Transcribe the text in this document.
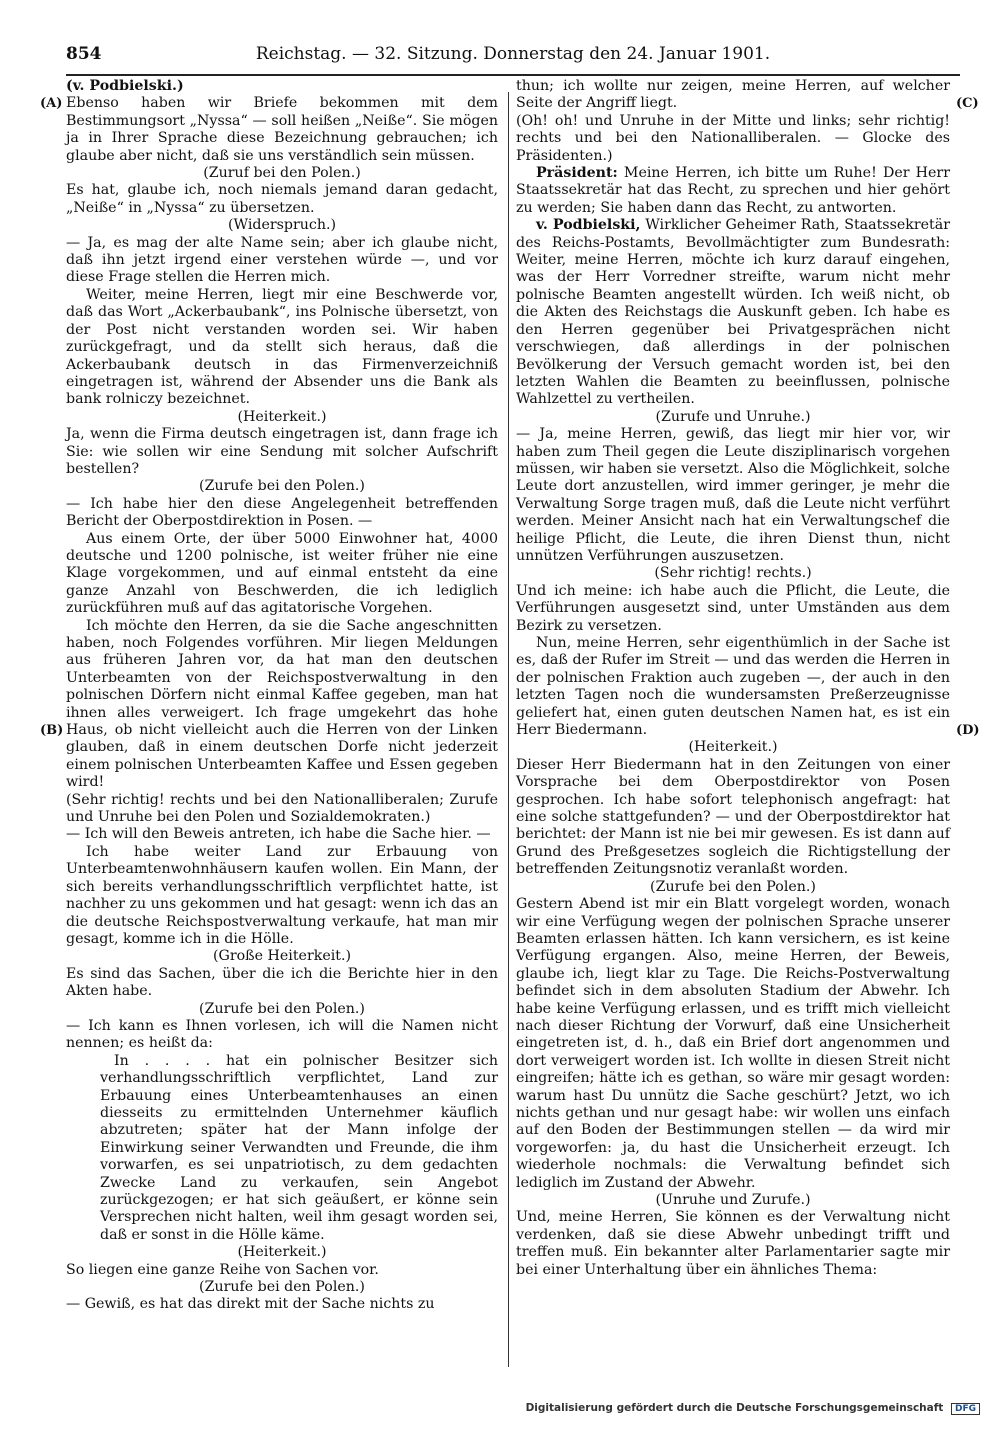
854	Reichstag. — 32. Sitzung. Donnerstag den 24. Januar 1901.
(A)
(B)
(C)
(D)

(v. Podbielski.)

Ebenso haben wir Briefe bekommen mit dem Bestimmungsort „Nyssa“ — soll heißen „Neiße“. Sie mögen ja in Ihrer Sprache diese Bezeichnung gebrauchen; ich glaube aber nicht, daß sie uns verständlich sein müssen.

(Zuruf bei den Polen.)

Es hat, glaube ich, noch niemals jemand daran gedacht, „Neiße“ in „Nyssa“ zu übersetzen.

(Widerspruch.)

— Ja, es mag der alte Name sein; aber ich glaube nicht, daß ihn jetzt irgend einer verstehen würde —, und vor diese Frage stellen die Herren mich.

Weiter, meine Herren, liegt mir eine Beschwerde vor, daß das Wort „Ackerbaubank“, ins Polnische übersetzt, von der Post nicht verstanden worden sei. Wir haben zurückgefragt, und da stellt sich heraus, daß die Ackerbaubank deutsch in das Firmenverzeichniß eingetragen ist, während der Absender uns die Bank als bank rolniczy bezeichnet.

(Heiterkeit.)

Ja, wenn die Firma deutsch eingetragen ist, dann frage ich Sie: wie sollen wir eine Sendung mit solcher Aufschrift bestellen?

(Zurufe bei den Polen.)

— Ich habe hier den diese Angelegenheit betreffenden Bericht der Oberpostdirektion in Posen. —

Aus einem Orte, der über 5000 Einwohner hat, 4000 deutsche und 1200 polnische, ist weiter früher nie eine Klage vorgekommen, und auf einmal entsteht da eine ganze Anzahl von Beschwerden, die ich lediglich zurückführen muß auf das agitatorische Vorgehen.

Ich möchte den Herren, da sie die Sache angeschnitten haben, noch Folgendes vorführen. Mir liegen Meldungen aus früheren Jahren vor, da hat man den deutschen Unterbeamten von der Reichspostverwaltung in den polnischen Dörfern nicht einmal Kaffee gegeben, man hat ihnen alles verweigert. Ich frage umgekehrt das hohe Haus, ob nicht vielleicht auch die Herren von der Linken glauben, daß in einem deutschen Dorfe nicht jederzeit einem polnischen Unterbeamten Kaffee und Essen gegeben wird!

(Sehr richtig! rechts und bei den Nationalliberalen; Zurufe und Unruhe bei den Polen und Sozialdemokraten.)

— Ich will den Beweis antreten, ich habe die Sache hier. —

Ich habe weiter Land zur Erbauung von Unterbeamtenwohnhäusern kaufen wollen. Ein Mann, der sich bereits verhandlungsschriftlich verpflichtet hatte, ist nachher zu uns gekommen und hat gesagt: wenn ich das an die deutsche Reichspostverwaltung verkaufe, hat man mir gesagt, komme ich in die Hölle.

(Große Heiterkeit.)

Es sind das Sachen, über die ich die Berichte hier in den Akten habe.

(Zurufe bei den Polen.)

— Ich kann es Ihnen vorlesen, ich will die Namen nicht nennen; es heißt da:

In . . . . hat ein polnischer Besitzer sich verhandlungsschriftlich verpflichtet, Land zur Erbauung eines Unterbeamtenhauses an einen diesseits zu ermittelnden Unternehmer käuflich abzutreten; später hat der Mann infolge der Einwirkung seiner Verwandten und Freunde, die ihm vorwarfen, es sei unpatriotisch, zu dem gedachten Zwecke Land zu verkaufen, sein Angebot zurückgezogen; er hat sich geäußert, er könne sein Versprechen nicht halten, weil ihm gesagt worden sei, daß er sonst in die Hölle käme.

(Heiterkeit.)

So liegen eine ganze Reihe von Sachen vor.

(Zurufe bei den Polen.)

— Gewiß, es hat das direkt mit der Sache nichts zu

thun; ich wollte nur zeigen, meine Herren, auf welcher Seite der Angriff liegt.

(Oh! oh! und Unruhe in der Mitte und links; sehr richtig! rechts und bei den Nationalliberalen. — Glocke des Präsidenten.)

Präsident: Meine Herren, ich bitte um Ruhe! Der Herr Staatssekretär hat das Recht, zu sprechen und hier gehört zu werden; Sie haben dann das Recht, zu antworten.

v. Podbielski, Wirklicher Geheimer Rath, Staatssekretär des Reichs-Postamts, Bevollmächtigter zum Bundesrath: Weiter, meine Herren, möchte ich kurz darauf eingehen, was der Herr Vorredner streifte, warum nicht mehr polnische Beamten angestellt würden. Ich weiß nicht, ob die Akten des Reichstags die Auskunft geben. Ich habe es den Herren gegenüber bei Privatgesprächen nicht verschwiegen, daß allerdings in der polnischen Bevölkerung der Versuch gemacht worden ist, bei den letzten Wahlen die Beamten zu beeinflussen, polnische Wahlzettel zu vertheilen.

(Zurufe und Unruhe.)

— Ja, meine Herren, gewiß, das liegt mir hier vor, wir haben zum Theil gegen die Leute disziplinarisch vorgehen müssen, wir haben sie versetzt. Also die Möglichkeit, solche Leute dort anzustellen, wird immer geringer, je mehr die Verwaltung Sorge tragen muß, daß die Leute nicht verführt werden. Meiner Ansicht nach hat ein Verwaltungschef die heilige Pflicht, die Leute, die ihren Dienst thun, nicht unnützen Verführungen auszusetzen.

(Sehr richtig! rechts.)

Und ich meine: ich habe auch die Pflicht, die Leute, die Verführungen ausgesetzt sind, unter Umständen aus dem Bezirk zu versetzen.

Nun, meine Herren, sehr eigenthümlich in der Sache ist es, daß der Rufer im Streit — und das werden die Herren in der polnischen Fraktion auch zugeben —, der auch in den letzten Tagen noch die wundersamsten Preßerzeugnisse geliefert hat, einen guten deutschen Namen hat, es ist ein Herr Biedermann.

(Heiterkeit.)

Dieser Herr Biedermann hat in den Zeitungen von einer Vorsprache bei dem Oberpostdirektor von Posen gesprochen. Ich habe sofort telephonisch angefragt: hat eine solche stattgefunden? — und der Oberpostdirektor hat berichtet: der Mann ist nie bei mir gewesen. Es ist dann auf Grund des Preßgesetzes sogleich die Richtigstellung der betreffenden Zeitungsnotiz veranlaßt worden.

(Zurufe bei den Polen.)

Gestern Abend ist mir ein Blatt vorgelegt worden, wonach wir eine Verfügung wegen der polnischen Sprache unserer Beamten erlassen hätten. Ich kann versichern, es ist keine Verfügung ergangen. Also, meine Herren, der Beweis, glaube ich, liegt klar zu Tage. Die Reichs-Postverwaltung befindet sich in dem absoluten Stadium der Abwehr. Ich habe keine Verfügung erlassen, und es trifft mich vielleicht nach dieser Richtung der Vorwurf, daß eine Unsicherheit eingetreten ist, d. h., daß ein Brief dort angenommen und dort verweigert worden ist. Ich wollte in diesen Streit nicht eingreifen; hätte ich es gethan, so wäre mir gesagt worden: warum hast Du unnütz die Sache geschürt? Jetzt, wo ich nichts gethan und nur gesagt habe: wir wollen uns einfach auf den Boden der Bestimmungen stellen — da wird mir vorgeworfen: ja, du hast die Unsicherheit erzeugt. Ich wiederhole nochmals: die Verwaltung befindet sich lediglich im Zustand der Abwehr.

(Unruhe und Zurufe.)

Und, meine Herren, Sie können es der Verwaltung nicht verdenken, daß sie diese Abwehr unbedingt trifft und treffen muß. Ein bekannter alter Parlamentarier sagte mir bei einer Unterhaltung über ein ähnliches Thema:

Digitalisierung gefördert durch die Deutsche Forschungsgemeinschaft DFG
